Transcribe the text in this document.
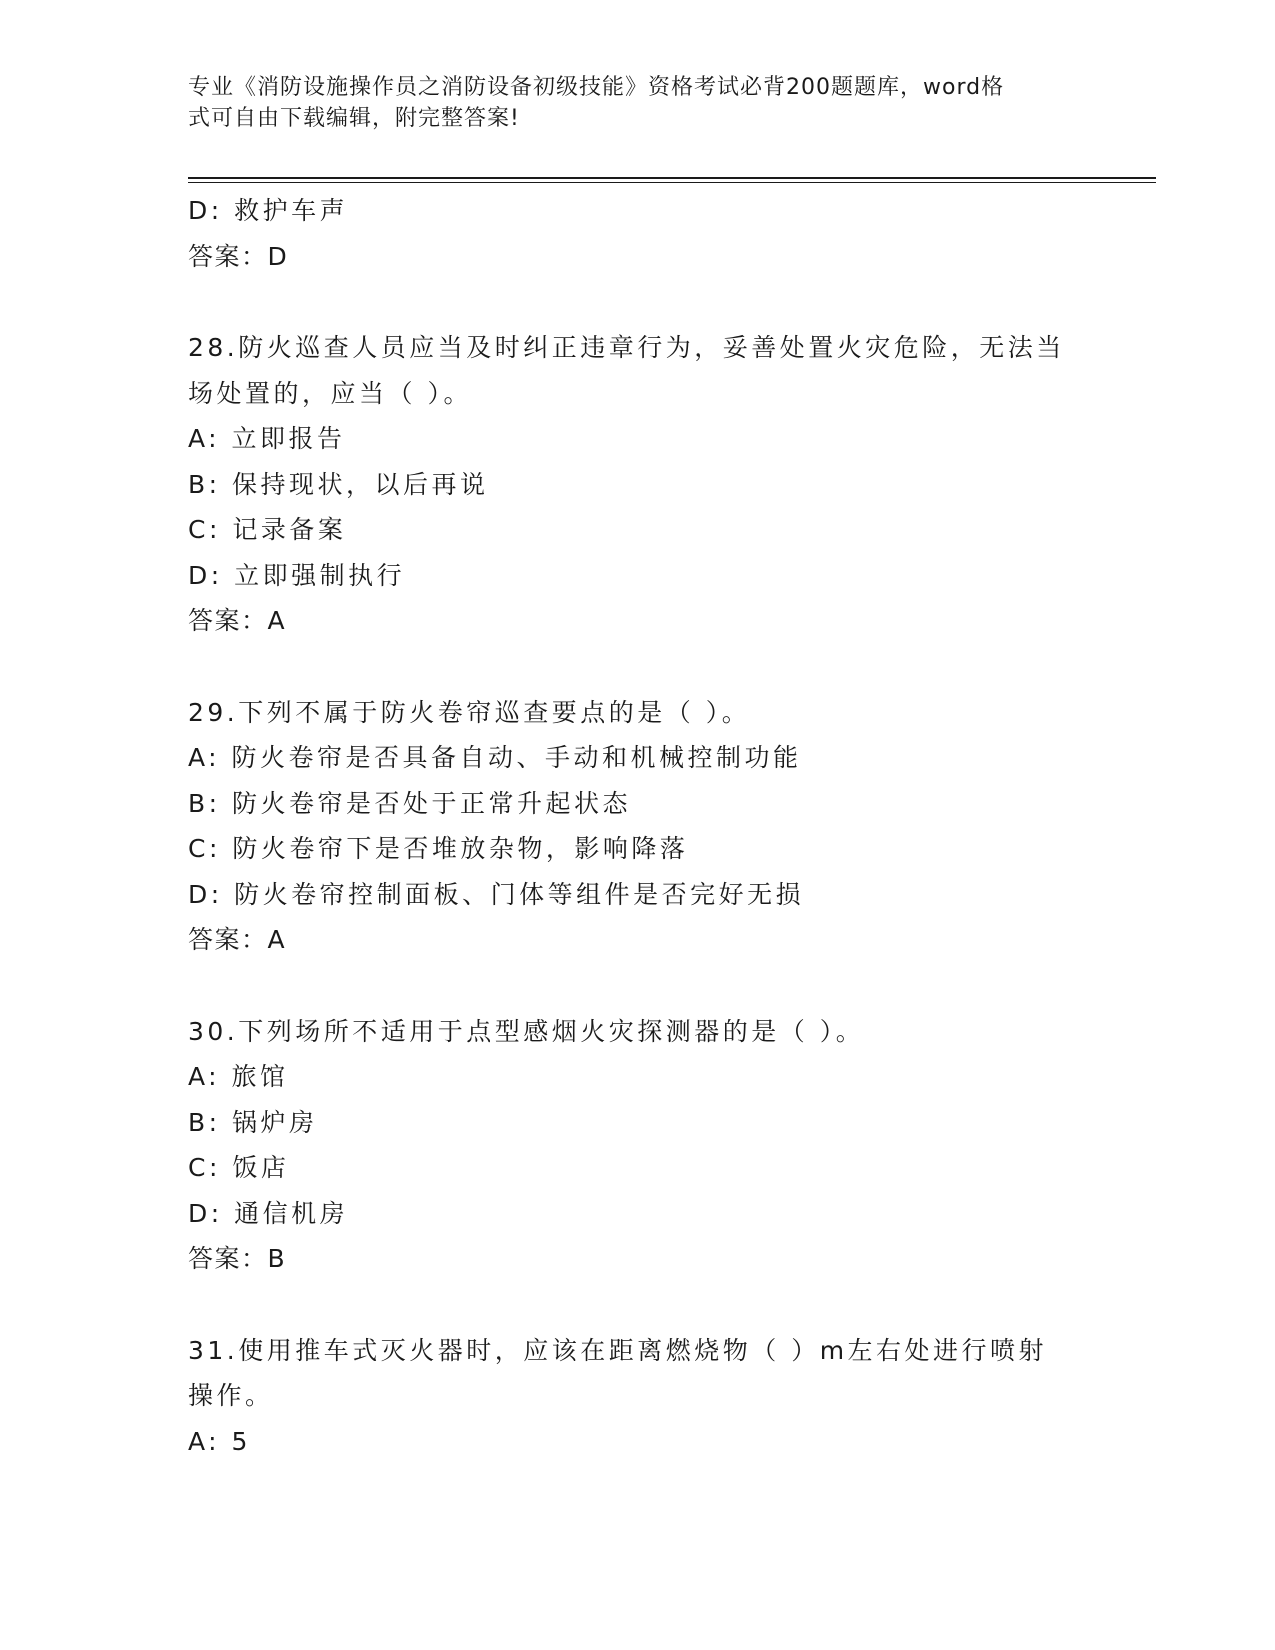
专业《消防设施操作员之消防设备初级技能》资格考试必背200题题库，word格
式可自由下载编辑，附完整答案!

D: 救护车声

答案：D

28.防火巡查人员应当及时纠正违章行为，妥善处置火灾危险，无法当

场处置的，应当（ ）。

A: 立即报告

B: 保持现状，以后再说

C: 记录备案

D: 立即强制执行

答案：A

29.下列不属于防火卷帘巡查要点的是（ ）。

A: 防火卷帘是否具备自动、手动和机械控制功能

B: 防火卷帘是否处于正常升起状态

C: 防火卷帘下是否堆放杂物，影响降落

D: 防火卷帘控制面板、门体等组件是否完好无损

答案：A

30.下列场所不适用于点型感烟火灾探测器的是（ ）。

A: 旅馆

B: 锅炉房

C: 饭店

D: 通信机房

答案：B

31.使用推车式灭火器时，应该在距离燃烧物（ ）m左右处进行喷射

操作。

A: 5
